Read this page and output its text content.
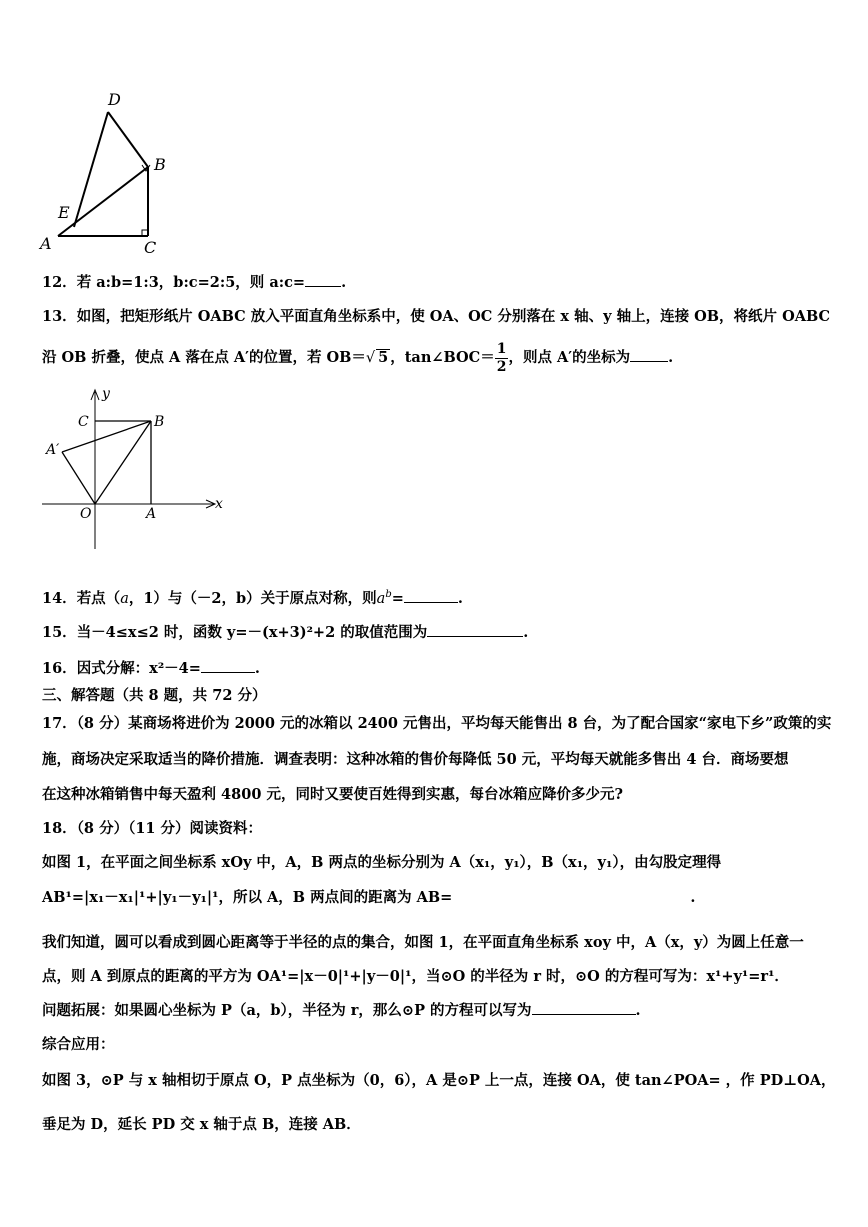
D
B
E
A	C
12．若 a:b=1:3，b:c=2:5，则 a:c= .
13．如图，把矩形纸片 OABC 放入平面直角坐标系中，使 OA、OC 分别落在 x 轴、y 轴上，连接 OB，将纸片 OABC
沿 OB 折叠，使点 A 落在点 A′的位置，若 OB＝√ 5 ，tan∠BOC＝ $\frac{1}{2}$ ，则点 A′的坐标为	.
y
C	B
A′
O	A
x
14．若点（a，1）与（－2，b）关于原点对称，则$a^b=$	.
15．当－4≤x≤2 时，函数 y=－(x+3)²+2 的取值范围为	.
16．因式分解：x²－4=	.
三、解答题（共 8 题，共 72 分）
17．（8 分）某商场将进价为 2000 元的冰箱以 2400 元售出，平均每天能售出 8 台，为了配合国家“家电下乡”政策的实
施，商场决定采取适当的降价措施．调查表明：这种冰箱的售价每降低 50 元，平均每天就能多售出 4 台．商场要想
在这种冰箱销售中每天盈利 4800 元，同时又要使百姓得到实惠，每台冰箱应降价多少元?
18．（8 分）（11 分）阅读资料：
如图 1，在平面之间坐标系 xOy 中，A，B 两点的坐标分别为 A（x₁，y₁），B（x₁，y₁），由勾股定理得
AB¹=|x₁－x₁|¹+|y₁－y₁|¹，所以 A，B 两点间的距离为 AB=	.
我们知道，圆可以看成到圆心距离等于半径的点的集合，如图 1，在平面直角坐标系 xoy 中，A（x，y）为圆上任意一
点，则 A 到原点的距离的平方为 OA¹=|x－0|¹+|y－0|¹，当⊙O 的半径为 r 时，⊙O 的方程可写为：x¹+y¹=r¹．
问题拓展：如果圆心坐标为 P（a，b），半径为 r，那么⊙P 的方程可以写为	.
综合应用：
如图 3，⊙P 与 x 轴相切于原点 O，P 点坐标为（0，6），A 是⊙P 上一点，连接 OA，使 tan∠POA= ，作 PD⊥OA，
垂足为 D，延长 PD 交 x 轴于点 B，连接 AB．
